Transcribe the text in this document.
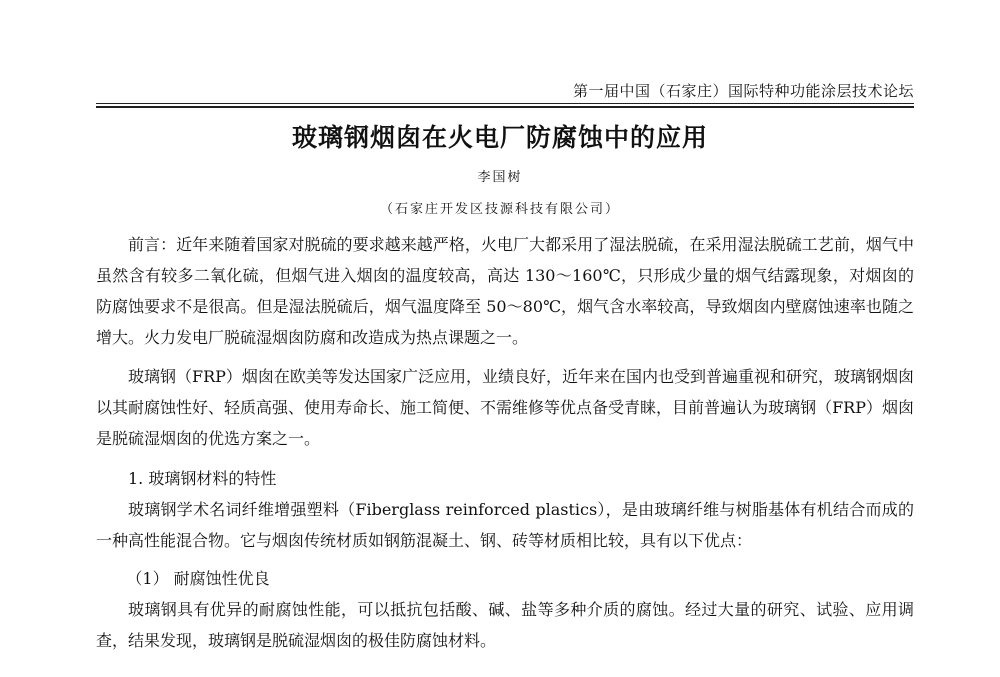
第一届中国（石家庄）国际特种功能涂层技术论坛
玻璃钢烟囱在火电厂防腐蚀中的应用
李国树
（石家庄开发区技源科技有限公司）

前言：近年来随着国家对脱硫的要求越来越严格，火电厂大都采用了湿法脱硫，在采用湿法脱硫工艺前，烟气中虽然含有较多二氧化硫，但烟气进入烟囱的温度较高，高达 130～160℃，只形成少量的烟气结露现象，对烟囱的防腐蚀要求不是很高。但是湿法脱硫后，烟气温度降至 50～80℃，烟气含水率较高，导致烟囱内壁腐蚀速率也随之增大。火力发电厂脱硫湿烟囱防腐和改造成为热点课题之一。

玻璃钢（FRP）烟囱在欧美等发达国家广泛应用，业绩良好，近年来在国内也受到普遍重视和研究，玻璃钢烟囱以其耐腐蚀性好、轻质高强、使用寿命长、施工简便、不需维修等优点备受青睐，目前普遍认为玻璃钢（FRP）烟囱是脱硫湿烟囱的优选方案之一。

1. 玻璃钢材料的特性

玻璃钢学术名词纤维增强塑料（Fiberglass reinforced plastics），是由玻璃纤维与树脂基体有机结合而成的一种高性能混合物。它与烟囱传统材质如钢筋混凝土、钢、砖等材质相比较，具有以下优点：

（1） 耐腐蚀性优良

玻璃钢具有优异的耐腐蚀性能，可以抵抗包括酸、碱、盐等多种介质的腐蚀。经过大量的研究、试验、应用调查，结果发现，玻璃钢是脱硫湿烟囱的极佳防腐蚀材料。
